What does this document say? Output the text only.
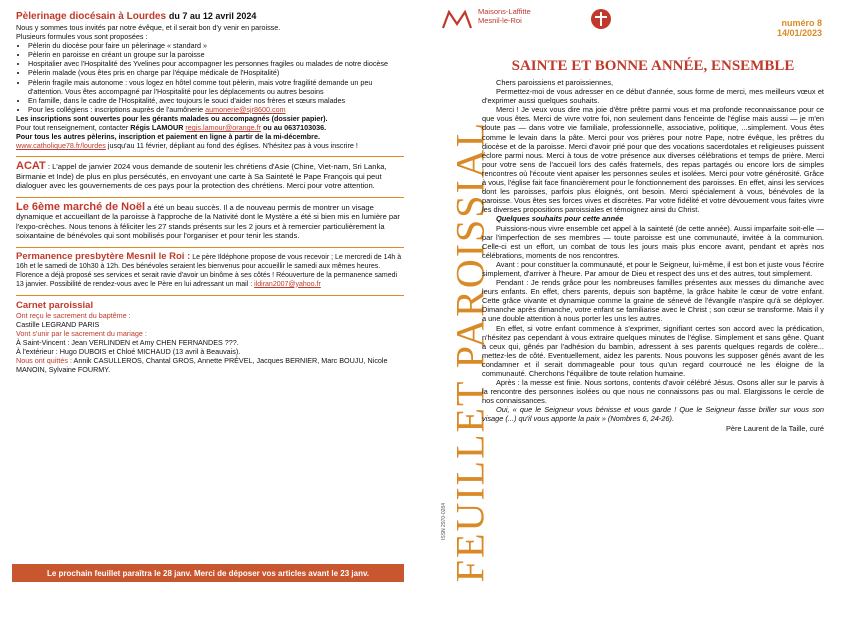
Pèlerinage diocésain à Lourdes du 7 au 12 avril 2024
Nous y sommes tous invités par notre évêque, et il serait bon d'y venir en paroisse.
Plusieurs formules vous sont proposées :
• Pèlerin du diocèse pour faire un pèlerinage « standard »
• Pèlerin en paroisse en créant un groupe sur la paroisse
• Hospitalier avec l'Hospitalité des Yvelines pour accompagner les personnes fragiles ou malades de notre diocèse
• Pèlerin malade (vous êtes pris en charge par l'équipe médicale de l'Hospitalité)
• Pèlerin fragile mais autonome : vous logez en hôtel comme tout pèlerin, mais votre fragilité demande un peu d'attention. Vous êtes accompagné par l'Hospitalité pour les déplacements ou autres besoins
• En famille, dans le cadre de l'Hospitalité, avec toujours le souci d'aider nos frères et sœurs malades
• Pour les collégiens : inscriptions auprès de l'aumônerie aumonerie@sjr8600.com
Les inscriptions sont ouvertes pour les gérants malades ou accompagnés (dossier papier).
Pour tout renseignement, contacter Régis LAMOUR regis.lamour@orange.fr ou au 0637103036.
Pour tous les autres pèlerins, inscription et paiement en ligne à partir de la mi-décembre.
www.catholique78.fr/lourdes jusqu'au 11 février, dépliant au fond des églises. N'hésitez pas à vous inscrire !
ACAT : L'appel de janvier 2024 vous demande de soutenir les chrétiens d'Asie (Chine, Viet-nam, Sri Lanka, Birmanie et Inde) de plus en plus persécutés, en envoyant une carte à Sa Sainteté le Pape François qui peut dialoguer avec les gouvernements de ces pays pour la protection des chrétiens. Merci pour votre attention.
Le 6ème marché de Noël a été un beau succès. Il a de nouveau permis de montrer un visage dynamique et accueillant de la paroisse à l'approche de la Nativité dont le Mystère a été si bien mis en lumière par l'expo-crèches. Nous tenons à féliciter les 27 stands présents sur les 2 jours et à remercier particulièrement la soixantaine de bénévoles qui sont mobilisés pour l'organiser et pour tenir les stands.
Permanence presbytère Mesnil le Roi : Le père Ildéphone propose de vous recevoir ; Le mercredi de 14h à 16h et le samedi de 10h30 à 12h. Des bénévoles seraient les bienvenus pour accueillir le samedi aux mêmes heures. Florence a déjà proposé ses services et serait ravie d'avoir un binôme à ses côtés ! Réouverture de la permanence samedi 13 janvier. Possibilité de rendez-vous avec le Père en lui adressant un mail : ildiran2007@yahoo.fr
Carnet paroissial
Ont reçu le sacrement du baptême :
Castille LEGRAND PARIS
Vont s'unir par le sacrement du mariage :
À Saint-Vincent : Jean VERLINDEN et Amy CHEN FERNANDES ???.
À l'extérieur : Hugo DUBOIS et Chloé MICHAUD (13 avril à Beauvais).
Nous ont quittés : Annik CASULLEROS, Chantal GROS, Annette PRÉVEL, Jacques BERNIER, Marc BOUJU, Nicole MANOIN, Sylvaine FOURMY.
Le prochain feuillet paraîtra le 28 janv. Merci de déposer vos articles avant le 23 janv.	FEUILLET PAROISSIAL
ISSN 2970-0284
Maisons-Laffitte
Mesnil-le-Roi	numéro 8
14/01/2023
SAINTE ET BONNE ANNÉE, ENSEMBLE

Chers paroissiens et paroissiennes,

Permettez-moi de vous adresser en ce début d'année, sous forme de merci, mes meilleurs vœux et d'exprimer aussi quelques souhaits.

Merci ! Je veux vous dire ma joie d'être prêtre parmi vous et ma profonde reconnaissance pour ce que vous êtes. Merci de vivre votre foi, non seulement dans l'enceinte de l'église mais aussi — je m'en doute pas — dans votre vie familiale, professionnelle, associative, politique, ...simplement. Vous êtes comme le levain dans la pâte. Merci pour vos prières pour notre Pape, notre évêque, les prêtres du diocèse et de la paroisse. Merci d'avoir prié pour que des vocations sacerdotales et religieuses puissent éclore parmi nous. Merci à tous de votre présence aux diverses célébrations et temps de prière. Merci pour votre sens de l'accueil lors des cafés fraternels, des repas partagés ou encore lors de simples rencontres où l'écoute vient apaiser les personnes seules et isolées. Merci pour votre générosité. Grâce à vous, l'église fait face financièrement pour le fonctionnement des paroisses. En effet, ainsi les services dont les paroisses, parfois plus éloignés, ont besoin. Merci spécialement à vous, bénévoles de la paroisse. Vous êtes ses forces vives et discrètes. Par votre fidélité et votre dévouement vous faites vivre les diverses propositions paroissiales et témoignez ainsi du Christ.

Quelques souhaits pour cette année

Puissions-nous vivre ensemble cet appel à la sainteté (de cette année). Aussi imparfaite soit-elle — par l'imperfection de ses membres — toute paroisse est une communauté, invitée à la communion. Celle-ci est un effort, un combat de tous les jours mais plus encore avant, pendant et après nos célébrations, moments de nos rencontres.

Avant : pour constituer la communauté, et pour le Seigneur, lui-même, il est bon et juste vous l'écrire simplement, d'arriver à l'heure. Par amour de Dieu et respect des uns et des autres, tout simplement.

Pendant : Je rends grâce pour les nombreuses familles présentes aux messes du dimanche avec leurs enfants. En effet, chers parents, depuis son baptême, la grâce habite le cœur de votre enfant. Cette grâce vivante et dynamique comme la graine de sénevé de l'évangile n'aspire qu'à se déployer. Dimanche après dimanche, votre enfant se familiarise avec le Christ ; son cœur se transforme. Mais il y a une double attention à nous porter les uns les autres.

En effet, si votre enfant commence à s'exprimer, signifiant certes son accord avec la prédication, n'hésitez pas cependant à vous extraire quelques minutes de l'église. Simplement et sans gêne. Quant à ceux qui, gênés par l'adhésion du bambin, adressent à ses parents quelques regards de colère... mettez-les de côté. Eventuellement, aidez les parents. Nous pouvons les supposer gênés avant de les condamner et il serait dommageable pour tous qu'un regard courroucé ne les éloigne de la communauté. Cherchons l'équilibre de toute relation humaine.

Après : la messe est finie. Nous sortons, contents d'avoir célébré Jésus. Osons aller sur le parvis à la rencontre des personnes isolées ou que nous ne connaissons pas ou mal. Elargissons le cercle de nos connaissances.

Oui, « que le Seigneur vous bénisse et vous garde ! Que le Seigneur fasse briller sur vous son visage (...) qu'il vous apporte la paix » (Nombres 6, 24-26).

Père Laurent de la Taille, curé
